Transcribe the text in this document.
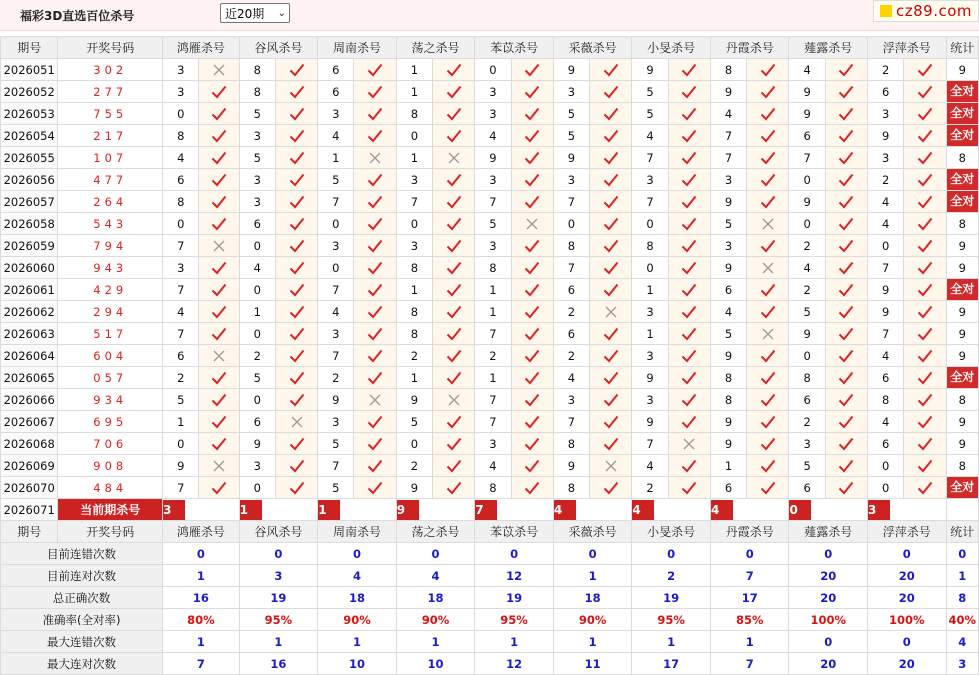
福彩3D直选百位杀号	近20期 ⌄	cz89.com
期号	开奖号码	鸿雁杀号		谷风杀号		周南杀号		荡之杀号		苯苡杀号		采薇杀号		小旻杀号		丹霞杀号		薤露杀号		浮萍杀号		统计
2026051	302	3		8		6		1		0		9		9		8		4		2		9
2026052	277	3		8		6		1		3		3		5		9		9		6		全对

2026053	755	0		5		3		8		3		5		5		4		9		3		全对

2026054	217	8		3		4		0		4		5		4		7		6		9		全对

2026055	107	4		5		1		1		9		9		7		7		7		3		8
2026056	477	6		3		5		3		3		3		3		3		0		2		全对

2026057	264	8		3		7		7		7		7		7		9		9		4		全对

2026058	543	0		6		0		0		5		0		0		5		0		4		8
2026059	794	7		0		3		3		3		8		8		3		2		0		9
2026060	943	3		4		0		8		8		7		0		9		4		7		9
2026061	429	7		0		7		1		1		6		1		6		2		9		全对

2026062	294	4		1		4		8		1		2		3		4		5		9		9
2026063	517	7		0		3		8		7		6		1		5		9		7		9
2026064	604	6		2		7		2		2		2		3		9		0		4		9
2026065	057	2		5		2		1		1		4		9		8		8		6		全对

2026066	934	5		0		9		9		7		3		3		8		6		8		8
2026067	695	1		6		3		5		7		7		9		9		2		4		9
2026068	706	0		9		5		0		3		8		7		9		3		6		9
2026069	908	9		3		7		2		4		9		4		1		5		0		8
2026070	484	7		0		5		9		8		8		2		6		6		0		全对

2026071	当前期杀号	3		1		1		9		7		4		4		4		0		3		

期号	开奖号码	鸿雁杀号		谷风杀号		周南杀号		荡之杀号		苯苡杀号		采薇杀号		小旻杀号		丹霞杀号		薤露杀号		浮萍杀号		统计
目前连错次数		0		0		0		0		0		0		0		0		0		0		0
目前连对次数		1		3		4		4		12		1		2		7		20		20		1
总正确次数		16		19		18		18		19		18		19		17		20		20		8
准确率(全对率)		80%		95%		90%		90%		95%		90%		95%		85%		100%		100%		40%
最大连错次数		1		1		1		1		1		1		1		1		0		0		4
最大连对次数		7		16		10		10		12		11		17		7		20		20		3
